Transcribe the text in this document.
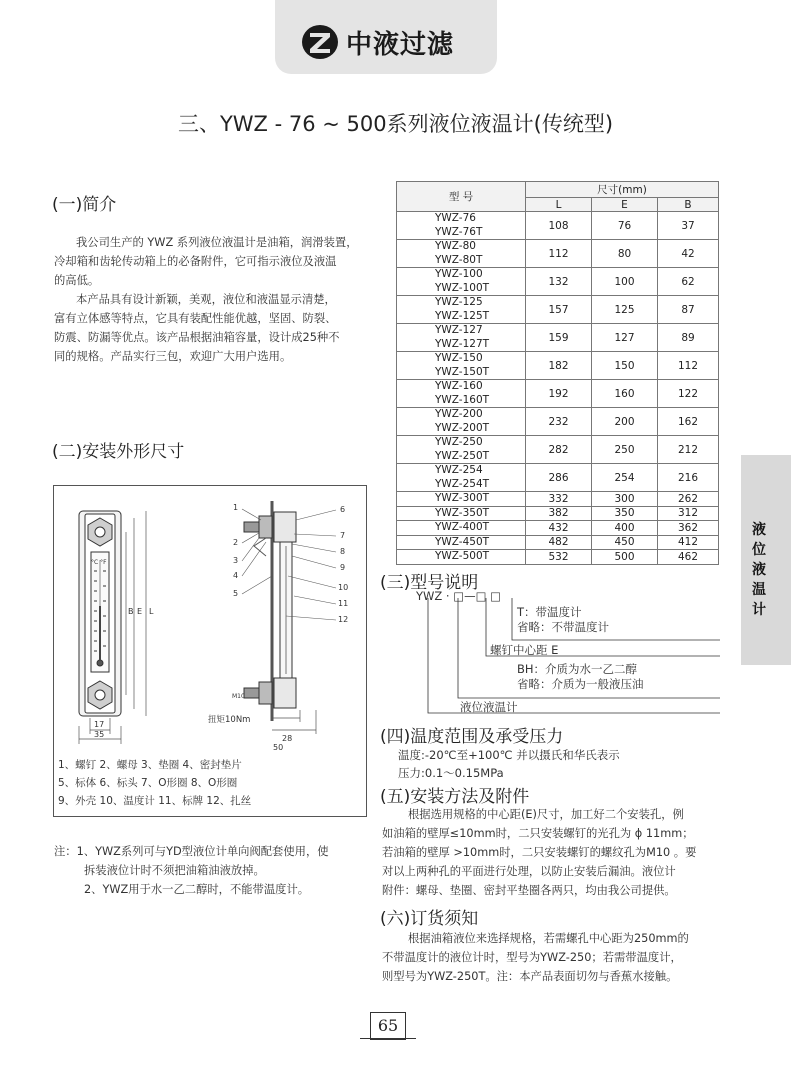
中液过滤
三、YWZ - 76 ~ 500系列液位液温计(传统型)
(一)简介
我公司生产的 YWZ 系列液位液温计是油箱，润滑装置，
冷却箱和齿轮传动箱上的必备附件，它可指示液位及液温
的高低。
本产品具有设计新颖，美观，液位和液温显示清楚，
富有立体感等特点，它具有装配性能优越，坚固、防裂、
防震、防漏等优点。该产品根据油箱容量，设计成25种不
同的规格。产品实行三包，欢迎广大用户选用。
(二)安装外形尺寸
型 号	尺寸(mm)		
	L	E	B

YWZ-76
YWZ-76T	108	76	37

YWZ-80
YWZ-80T	112	80	42

YWZ-100
YWZ-100T	132	100	62

YWZ-125
YWZ-125T	157	125	87

YWZ-127
YWZ-127T	159	127	89

YWZ-150
YWZ-150T	182	150	112

YWZ-160
YWZ-160T	192	160	122

YWZ-200
YWZ-200T	232	200	162

YWZ-250
YWZ-250T	282	250	212

YWZ-254
YWZ-254T	286	254	216

YWZ-300T	332	300	262

YWZ-350T	382	350	312

YWZ-400T	432	400	362

YWZ-450T	482	450	412

YWZ-500T	532	500	462
液
位
液
温
计
°C °F
B E L
17
35
1
2
3
4
5
6
7
8
9
10
11
12
M10
扭矩10Nm
28
50
1、螺钉 2、螺母 3、垫圈 4、密封垫片
5、标体 6、标头 7、O形圈 8、O形圈
9、外壳 10、温度计 11、标牌 12、扎丝
注：1、YWZ系列可与YD型液位计单向阀配套使用，使
拆装液位计时不须把油箱油液放掉。
2、YWZ用于水一乙二醇时，不能带温度计。
(三)型号说明
YWZ · □—□ □
T：带温度计
省略：不带温度计
螺钉中心距 E
BH：介质为水一乙二醇
省略：介质为一般液压油
液位液温计
(四)温度范围及承受压力
温度:-20℃至+100℃ 并以摄氏和华氏表示
压力:0.1～0.15MPa
(五)安装方法及附件
根据选用规格的中心距(E)尺寸，加工好二个安装孔，例
如油箱的壁厚≤10mm时，二只安装螺钉的光孔为 ϕ 11mm；
若油箱的壁厚 >10mm时，二只安装螺钉的螺纹孔为M10 。要
对以上两种孔的平面进行处理，以防止安装后漏油。液位计
附件：螺母、垫圈、密封平垫圈各两只，均由我公司提供。
(六)订货须知
根据油箱液位来选择规格，若需螺孔中心距为250mm的
不带温度计的液位计时，型号为YWZ-250；若需带温度计，
则型号为YWZ-250T。注：本产品表面切勿与香蕉水接触。
65
